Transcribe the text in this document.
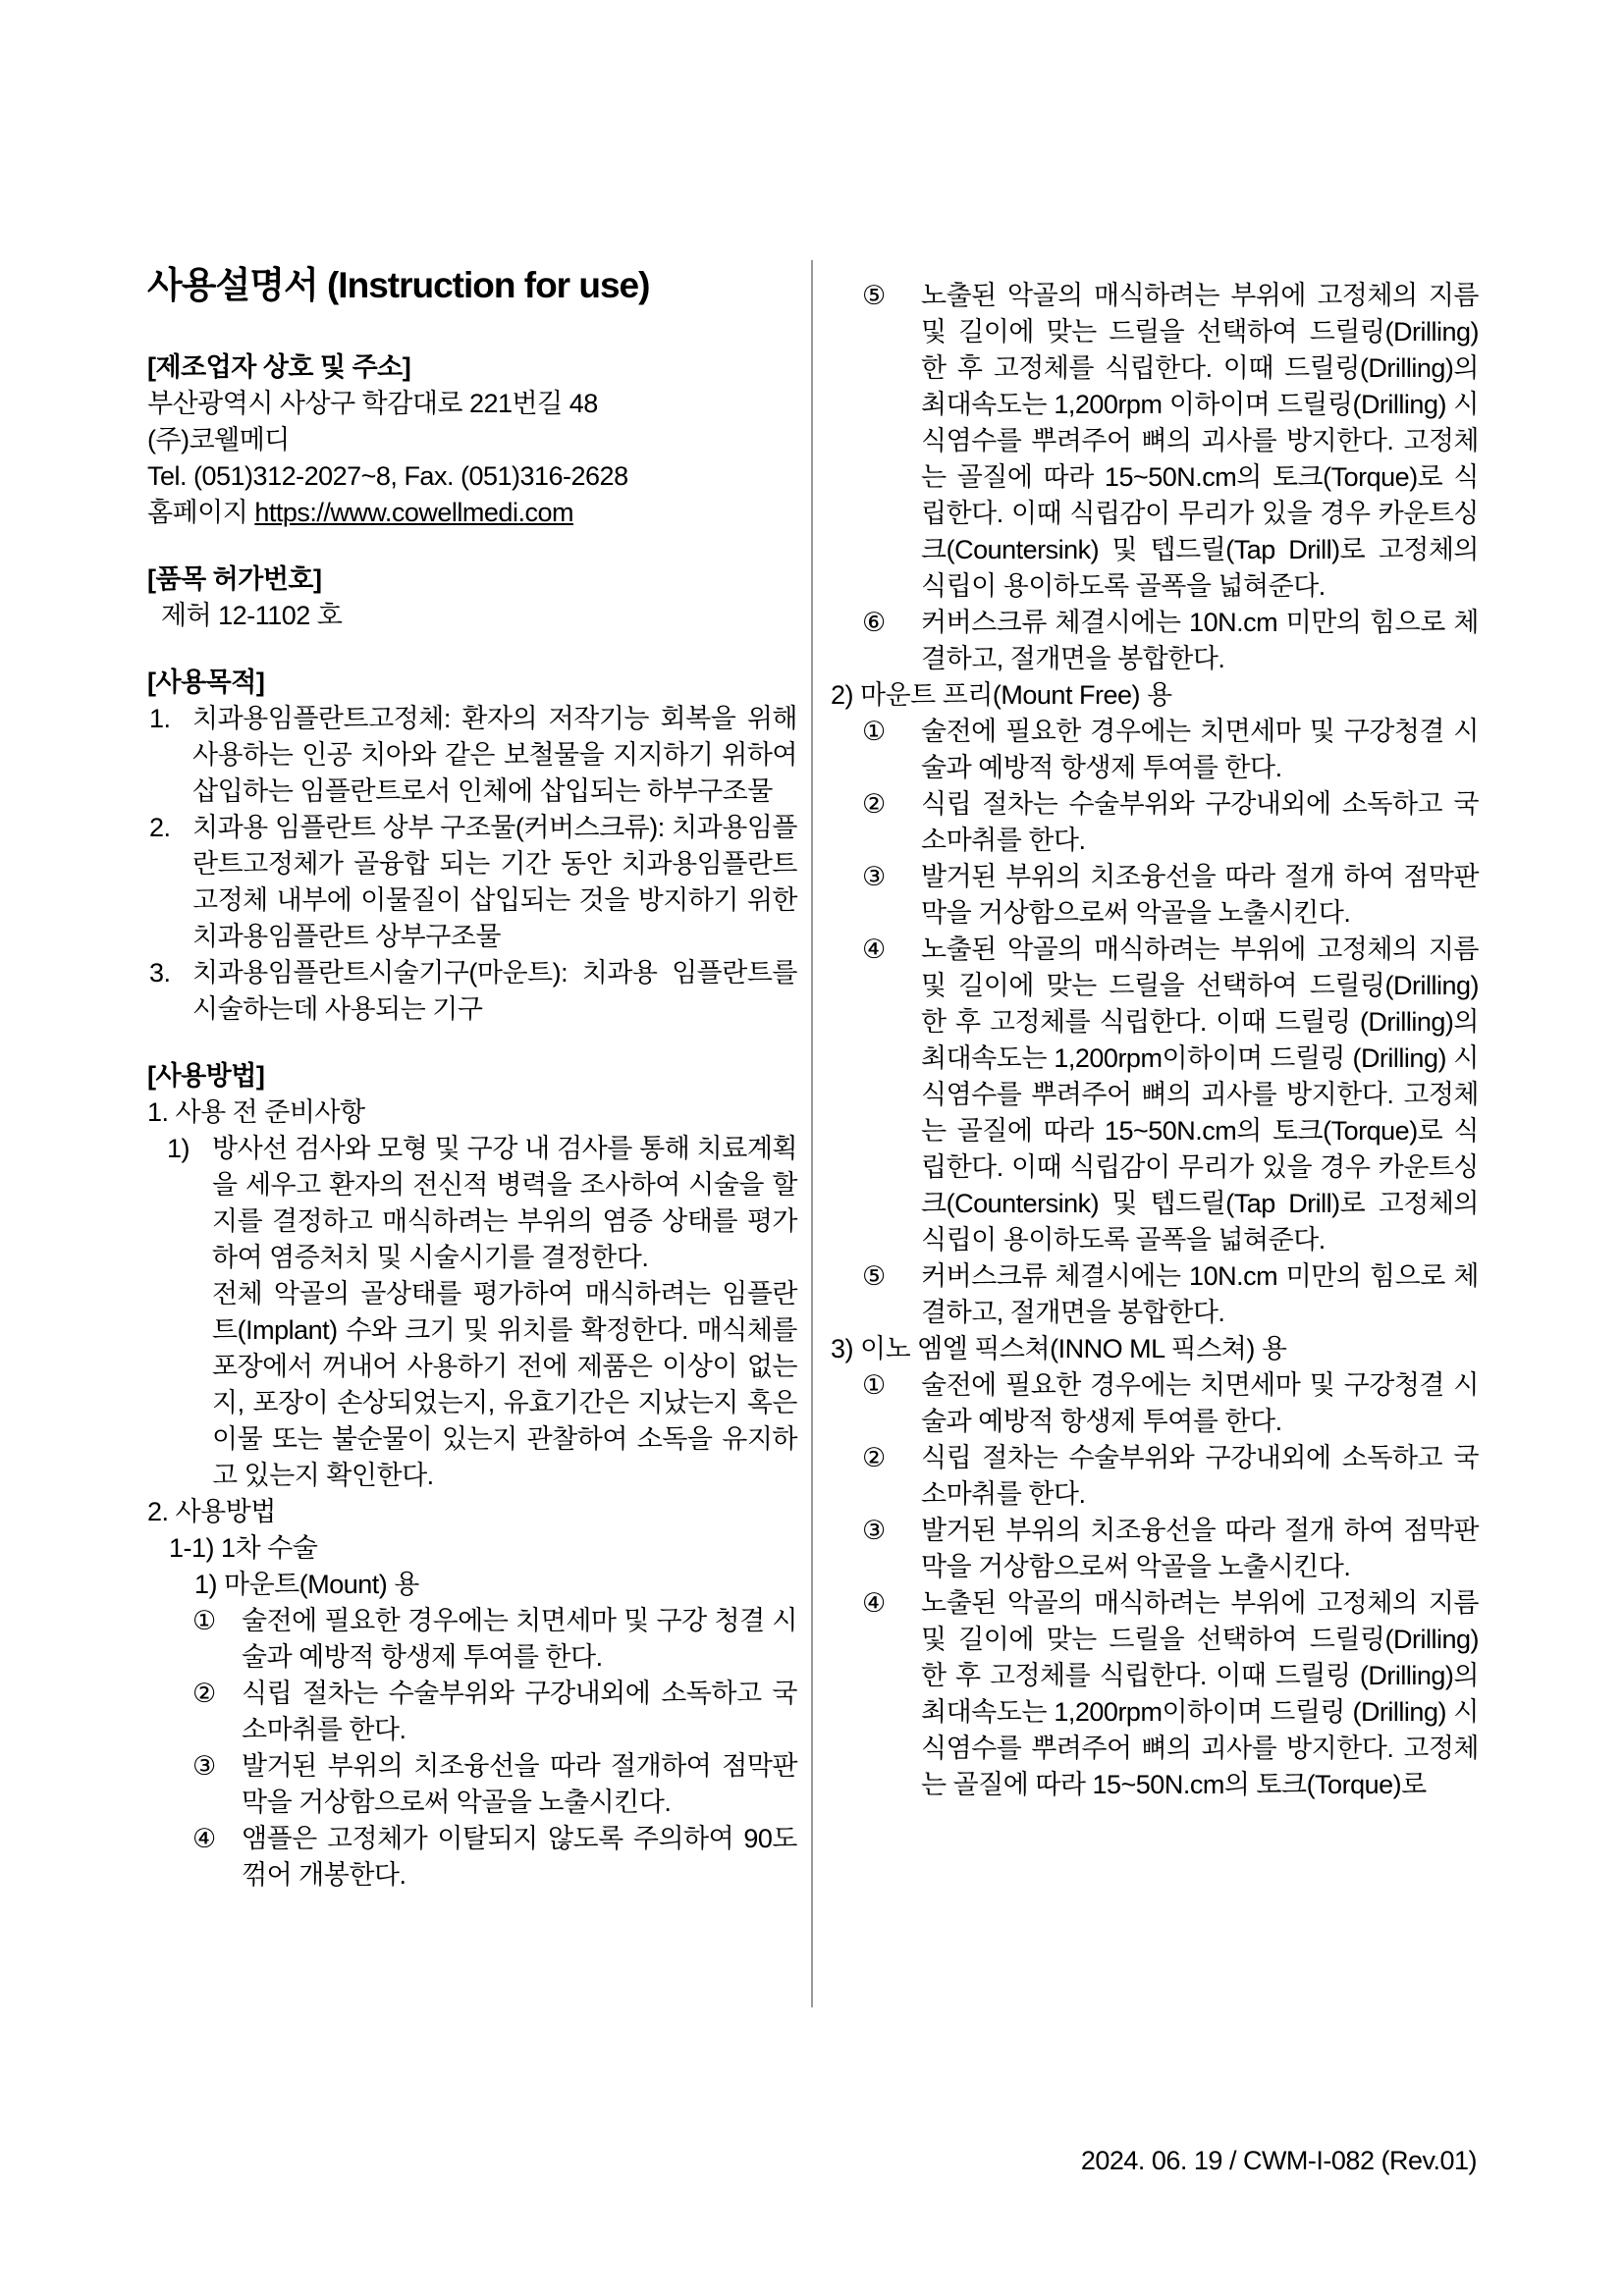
사용설명서 (Instruction for use)
[제조업자 상호 및 주소]
부산광역시 사상구 학감대로 221번길 48
(주)코웰메디
Tel. (051)312-2027~8, Fax. (051)316-2628
홈페이지 https://www.cowellmedi.com
[품목 허가번호]
제허 12-1102 호
[사용목적]
1. 치과용임플란트고정체: 환자의 저작기능 회복을 위해 사용하는 인공 치아와 같은 보철물을 지지하기 위하여 삽입하는 임플란트로서 인체에 삽입되는 하부구조물
2. 치과용 임플란트 상부 구조물(커버스크류): 치과용임플란트고정체가 골융합 되는 기간 동안 치과용임플란트고정체 내부에 이물질이 삽입되는 것을 방지하기 위한 치과용임플란트 상부구조물
3. 치과용임플란트시술기구(마운트): 치과용 임플란트를 시술하는데 사용되는 기구
[사용방법]
1. 사용 전 준비사항
1) 방사선 검사와 모형 및 구강 내 검사를 통해 치료계획을 세우고 환자의 전신적 병력을 조사하여 시술을 할지를 결정하고 매식하려는 부위의 염증 상태를 평가하여 염증처치 및 시술시기를 결정한다.
전체 악골의 골상태를 평가하여 매식하려는 임플란트(Implant) 수와 크기 및 위치를 확정한다. 매식체를 포장에서 꺼내어 사용하기 전에 제품은 이상이 없는지, 포장이 손상되었는지, 유효기간은 지났는지 혹은 이물 또는 불순물이 있는지 관찰하여 소독을 유지하고 있는지 확인한다.
2. 사용방법
1-1) 1차 수술
1) 마운트(Mount) 용
① 술전에 필요한 경우에는 치면세마 및 구강 청결 시술과 예방적 항생제 투여를 한다.
② 식립 절차는 수술부위와 구강내외에 소독하고 국소마취를 한다.
③ 발거된 부위의 치조융선을 따라 절개하여 점막판막을 거상함으로써 악골을 노출시킨다.
④ 앰플은 고정체가 이탈되지 않도록 주의하여 90도 꺾어 개봉한다.
⑤ 노출된 악골의 매식하려는 부위에 고정체의 지름 및 길이에 맞는 드릴을 선택하여 드릴링(Drilling) 한 후 고정체를 식립한다. 이때 드릴링(Drilling)의 최대속도는 1,200rpm 이하이며 드릴링(Drilling) 시 식염수를 뿌려주어 뼈의 괴사를 방지한다. 고정체는 골질에 따라 15~50N.cm의 토크(Torque)로 식립한다. 이때 식립감이 무리가 있을 경우 카운트싱크(Countersink) 및 텝드릴(Tap Drill)로 고정체의 식립이 용이하도록 골폭을 넓혀준다.
⑥ 커버스크류 체결시에는 10N.cm 미만의 힘으로 체결하고, 절개면을 봉합한다.
2) 마운트 프리(Mount Free) 용
① 술전에 필요한 경우에는 치면세마 및 구강청결 시술과 예방적 항생제 투여를 한다.
② 식립 절차는 수술부위와 구강내외에 소독하고 국소마취를 한다.
③ 발거된 부위의 치조융선을 따라 절개 하여 점막판막을 거상함으로써 악골을 노출시킨다.
④ 노출된 악골의 매식하려는 부위에 고정체의 지름 및 길이에 맞는 드릴을 선택하여 드릴링(Drilling) 한 후 고정체를 식립한다. 이때 드릴링 (Drilling)의 최대속도는 1,200rpm이하이며 드릴링 (Drilling) 시 식염수를 뿌려주어 뼈의 괴사를 방지한다. 고정체는 골질에 따라 15~50N.cm의 토크(Torque)로 식립한다. 이때 식립감이 무리가 있을 경우 카운트싱크(Countersink) 및 텝드릴(Tap Drill)로 고정체의 식립이 용이하도록 골폭을 넓혀준다.
⑤ 커버스크류 체결시에는 10N.cm 미만의 힘으로 체결하고, 절개면을 봉합한다.
3) 이노 엠엘 픽스쳐(INNO ML 픽스쳐) 용
① 술전에 필요한 경우에는 치면세마 및 구강청결 시술과 예방적 항생제 투여를 한다.
② 식립 절차는 수술부위와 구강내외에 소독하고 국소마취를 한다.
③ 발거된 부위의 치조융선을 따라 절개 하여 점막판막을 거상함으로써 악골을 노출시킨다.
④ 노출된 악골의 매식하려는 부위에 고정체의 지름 및 길이에 맞는 드릴을 선택하여 드릴링(Drilling) 한 후 고정체를 식립한다. 이때 드릴링 (Drilling)의 최대속도는 1,200rpm이하이며 드릴링 (Drilling) 시 식염수를 뿌려주어 뼈의 괴사를 방지한다. 고정체는 골질에 따라 15~50N.cm의 토크(Torque)로
2024. 06. 19 / CWM-I-082 (Rev.01)
